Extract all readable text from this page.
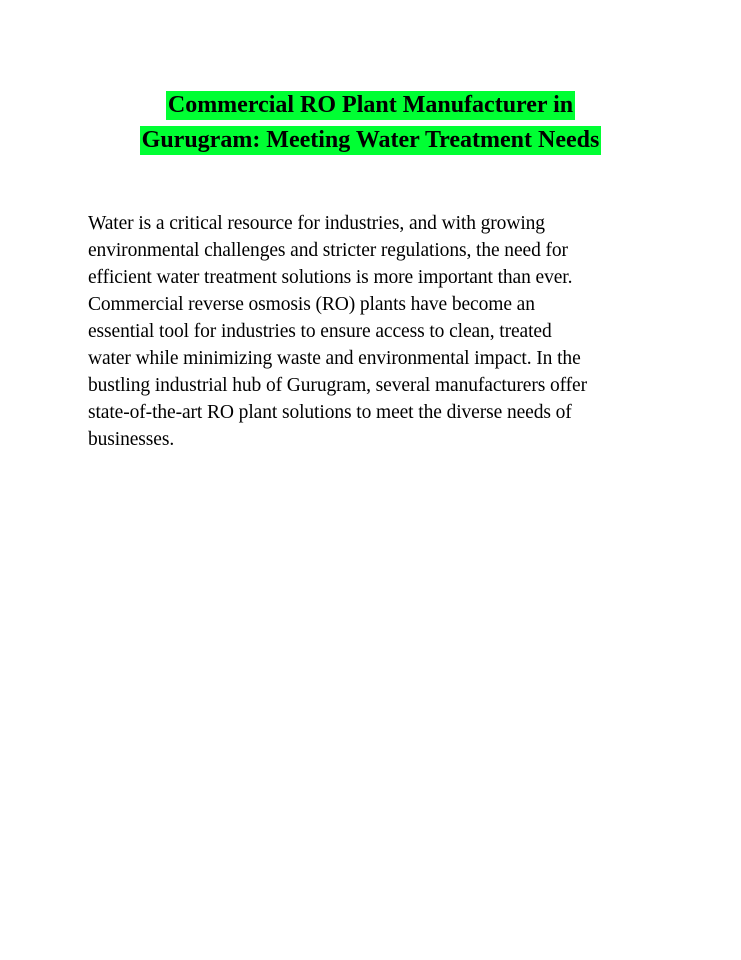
Commercial RO Plant Manufacturer in
Gurugram: Meeting Water Treatment Needs
Water is a critical resource for industries, and with growing
environmental challenges and stricter regulations, the need for
efficient water treatment solutions is more important than ever.
Commercial reverse osmosis (RO) plants have become an
essential tool for industries to ensure access to clean, treated
water while minimizing waste and environmental impact. In the
bustling industrial hub of Gurugram, several manufacturers offer
state-of-the-art RO plant solutions to meet the diverse needs of
businesses.
